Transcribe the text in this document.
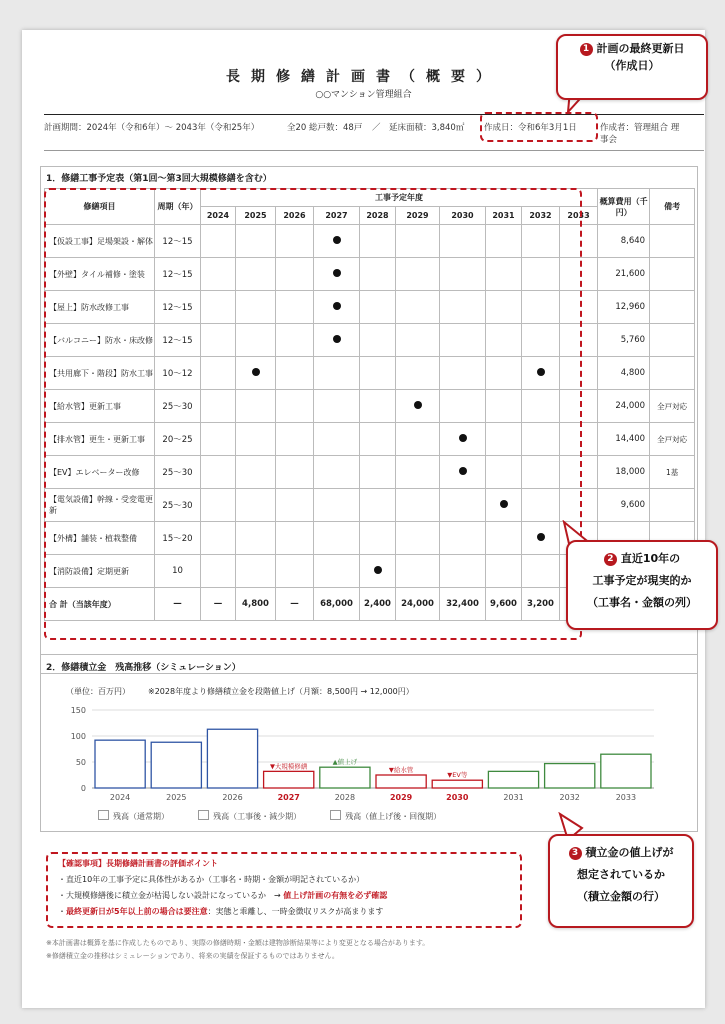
長期修繕計画書（概要）
○○マンション管理組合
計画期間：2024年（令和6年）～ 2043年（令和25年）	全20 総戸数：48戸	／　延床面積：3,840㎡	作成日：令和6年3月1日	作成者：管理組合 理事会
1．修繕工事予定表（第1回～第3回大規模修繕を含む）
修繕項目	周期（年）	工事予定年度										概算費用（千円）	備考
		2024	2025	2026	2027	2028	2029	2030	2031	2032	2033		
【仮設工事】足場架設・解体	12〜15											8,640	
【外壁】タイル補修・塗装	12〜15											21,600	
【屋上】防水改修工事	12〜15											12,960	
【バルコニー】防水・床改修	12〜15											5,760	
【共用廊下・階段】防水工事	10〜12											4,800	
【給水管】更新工事	25〜30											24,000	全戸対応
【排水管】更生・更新工事	20〜25											14,400	全戸対応
【EV】エレベーター改修	25〜30											18,000	1基
【電気設備】幹線・受変電更新	25〜30											9,600	
【外構】舗装・植栽整備	15〜20												
【消防設備】定期更新	10												
合 計（当該年度）	—	—	4,800	—	68,000	2,400	24,000	32,400	9,600	3,200			
2．修繕積立金　残高推移（シミュレーション）
（単位：百万円） ※2028年度より修繕積立金を段階値上げ（月額：8,500円 → 12,000円）
0
50
100
150
2024	2025	2026	2027
▼大規模修繕
2028
▲値上げ
2029
▼給水管
2030
▼EV等
2031	2032	2033
残高（通常期）	残高（工事後・減少期）	残高（値上げ後・回復期）
【確認事項】長期修繕計画書の評価ポイント
・直近10年の工事予定に具体性があるか（工事名・時期・金額が明記されているか）
・大規模修繕後に積立金が枯渇しない設計になっているか　→ 値上げ計画の有無を必ず確認
・最終更新日が5年以上前の場合は要注意：実態と乖離し、一時金徴収リスクが高まります
※本計画書は概算を基に作成したものであり、実際の修繕時期・金額は建物診断結果等により変更となる場合があります。
※修繕積立金の推移はシミュレーションであり、将来の実績を保証するものではありません。
1 計画の最終更新日
（作成日）
2 直近10年の
工事予定が現実的か
（工事名・金額の列）
3 積立金の値上げが
想定されているか
（積立金額の行）
